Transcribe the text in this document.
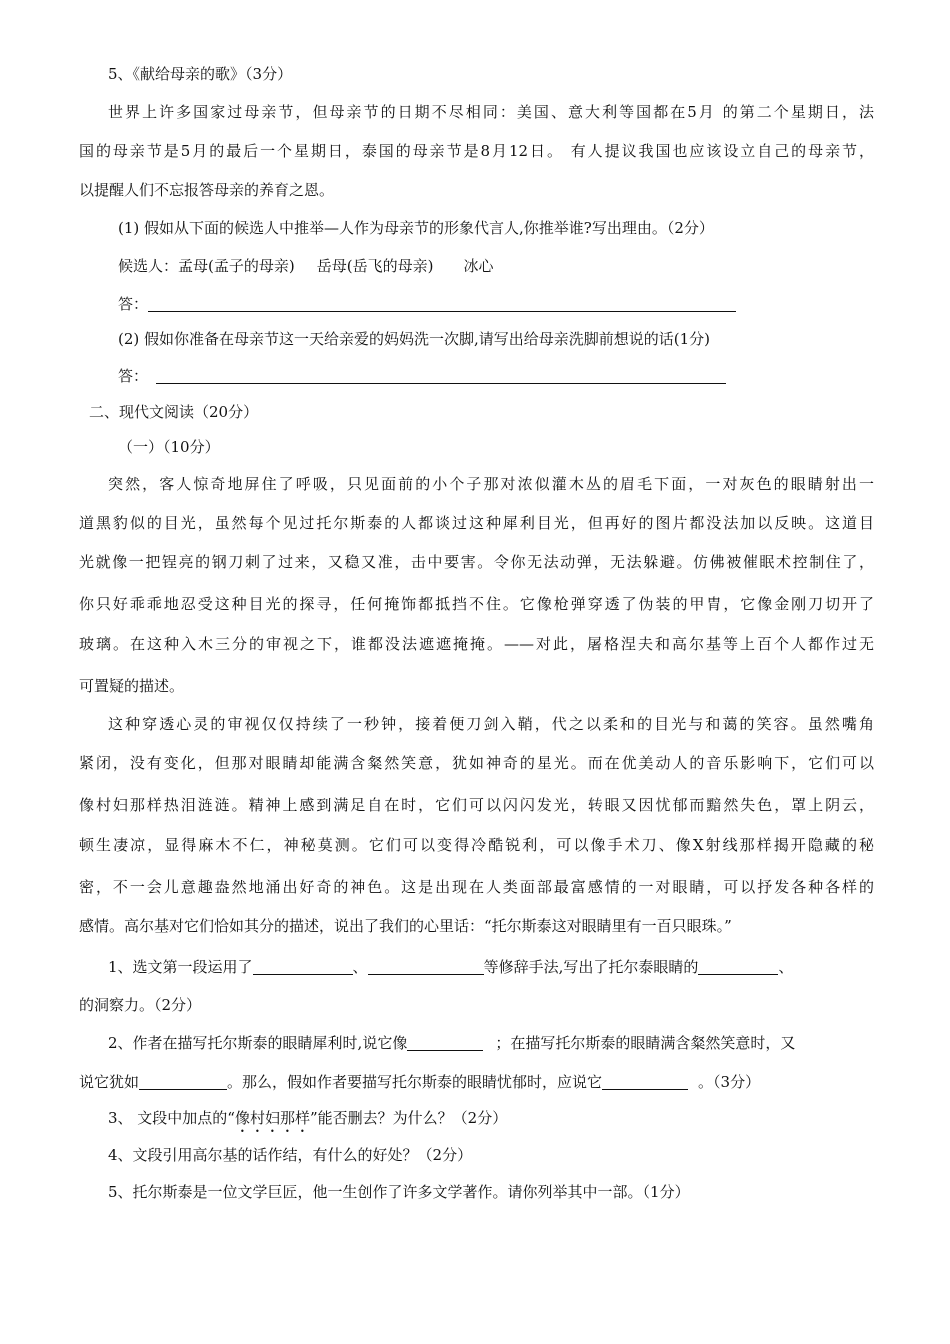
5、《献给母亲的歌》（3分）
世界上许多国家过母亲节，但母亲节的日期不尽相同：美国、意大利等国都在5月 的第二个星期日，法
国的母亲节是5月的最后一个星期日，泰国的母亲节是8月12日。 有人提议我国也应该设立自己的母亲节，
以提醒人们不忘报答母亲的养育之恩。
(1) 假如从下面的候选人中推举—人作为母亲节的形象代言人,你推举谁?写出理由。（2分）
候选人：孟母(孟子的母亲) 岳母(岳飞的母亲) 冰心
答：
(2) 假如你准备在母亲节这一天给亲爱的妈妈洗一次脚,请写出给母亲洗脚前想说的话(1分)
答：
二、现代文阅读（20分）
（一）（10分）
突然，客人惊奇地屏住了呼吸，只见面前的小个子那对浓似灌木丛的眉毛下面，一对灰色的眼睛射出一
道黑豹似的目光，虽然每个见过托尔斯泰的人都谈过这种犀利目光，但再好的图片都没法加以反映。这道目
光就像一把锃亮的钢刀刺了过来，又稳又准，击中要害。令你无法动弹，无法躲避。仿佛被催眠术控制住了，
你只好乖乖地忍受这种目光的探寻，任何掩饰都抵挡不住。它像枪弹穿透了伪装的甲胄，它像金刚刀切开了
玻璃。在这种入木三分的审视之下，谁都没法遮遮掩掩。——对此，屠格涅夫和高尔基等上百个人都作过无
可置疑的描述。
这种穿透心灵的审视仅仅持续了一秒钟，接着便刀剑入鞘，代之以柔和的目光与和蔼的笑容。虽然嘴角
紧闭，没有变化，但那对眼睛却能满含粲然笑意，犹如神奇的星光。而在优美动人的音乐影响下，它们可以
像村妇那样热泪涟涟。精神上感到满足自在时，它们可以闪闪发光，转眼又因忧郁而黯然失色，罩上阴云，
顿生凄凉，显得麻木不仁，神秘莫测。它们可以变得冷酷锐利，可以像手术刀、像X射线那样揭开隐藏的秘
密，不一会儿意趣盎然地涌出好奇的神色。这是出现在人类面部最富感情的一对眼睛，可以抒发各种各样的
感情。高尔基对它们恰如其分的描述，说出了我们的心里话：“托尔斯泰这对眼睛里有一百只眼珠。”
1、选文第一段运用了	、	等修辞手法,写出了托尔泰眼睛的	、
的洞察力。（2分）
2、作者在描写托尔斯泰的眼睛犀利时,说它像	；在描写托尔斯泰的眼睛满含粲然笑意时，又
说它犹如	。那么，假如作者要描写托尔斯泰的眼睛忧郁时，应说它	。（3分）
3、 文段中加点的“像村妇那样”能否删去？为什么？（2分）
4、文段引用高尔基的话作结，有什么的好处？（2分）
5、托尔斯泰是一位文学巨匠，他一生创作了许多文学著作。请你列举其中一部。（1分）
